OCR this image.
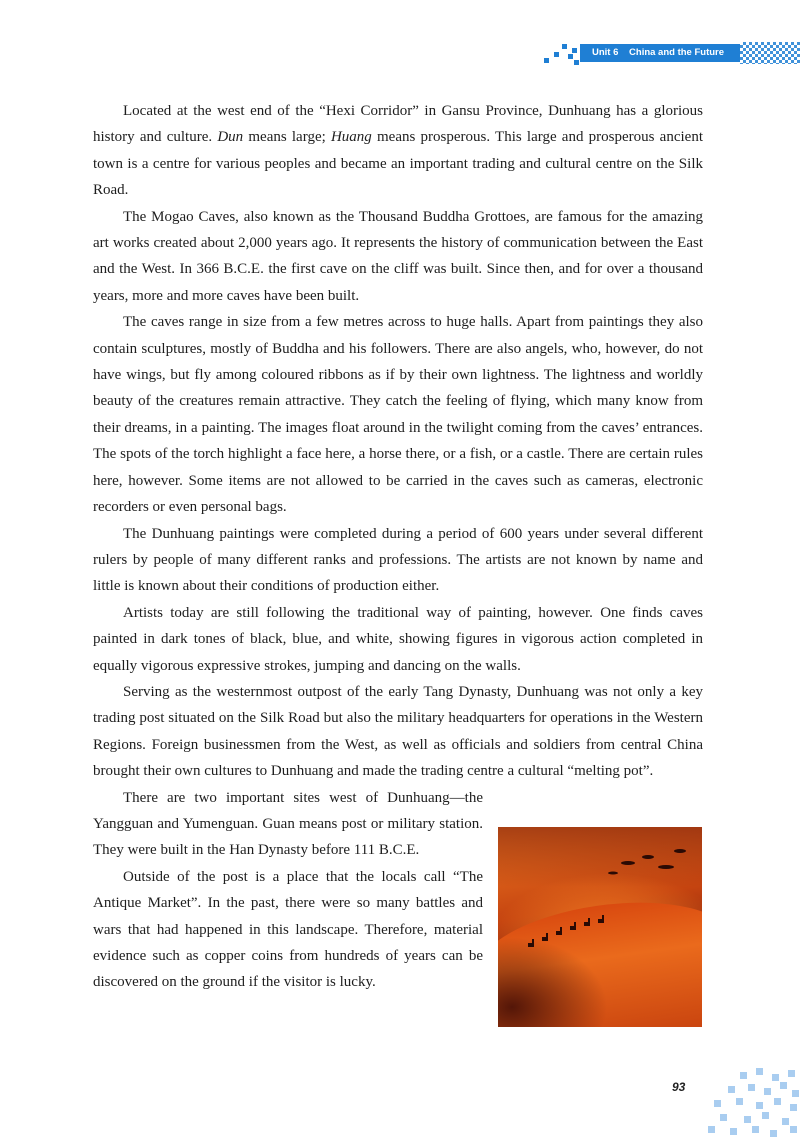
Unit 6 China and the Future

Located at the west end of the “Hexi Corridor” in Gansu Province, Dunhuang has a glorious history and culture. Dun means large; Huang means prosperous. This large and prosperous ancient town is a centre for various peoples and became an important trading and cultural centre on the Silk Road.

The Mogao Caves, also known as the Thousand Buddha Grottoes, are famous for the amazing art works created about 2,000 years ago. It represents the history of communication between the East and the West. In 366 B.C.E. the first cave on the cliff was built. Since then, and for over a thousand years, more and more caves have been built.

The caves range in size from a few metres across to huge halls. Apart from paintings they also contain sculptures, mostly of Buddha and his followers. There are also angels, who, however, do not have wings, but fly among coloured ribbons as if by their own lightness. The lightness and worldly beauty of the creatures remain attractive. They catch the feeling of flying, which many know from their dreams, in a painting. The images float around in the twilight coming from the caves’ entrances. The spots of the torch highlight a face here, a horse there, or a fish, or a castle. There are certain rules here, however. Some items are not allowed to be carried in the caves such as cameras, electronic recorders or even personal bags.

The Dunhuang paintings were completed during a period of 600 years under several different rulers by people of many different ranks and professions. The artists are not known by name and little is known about their conditions of production either.

Artists today are still following the traditional way of painting, however. One finds caves painted in dark tones of black, blue, and white, showing figures in vigorous action completed in equally vigorous expressive strokes, jumping and dancing on the walls.

Serving as the westernmost outpost of the early Tang Dynasty, Dunhuang was not only a key trading post situated on the Silk Road but also the military headquarters for operations in the Western Regions. Foreign businessmen from the West, as well as officials and soldiers from central China brought their own cultures to Dunhuang and made the trading centre a cultural “melting pot”.

There are two important sites west of Dunhuang—the Yangguan and Yumenguan. Guan means post or military station. They were built in the Han Dynasty before 111 B.C.E.

Outside of the post is a place that the locals call “The Antique Market”. In the past, there were so many battles and wars that had happened in this landscape. Therefore, material evidence such as copper coins from hundreds of years can be discovered on the ground if the visitor is lucky.

93
